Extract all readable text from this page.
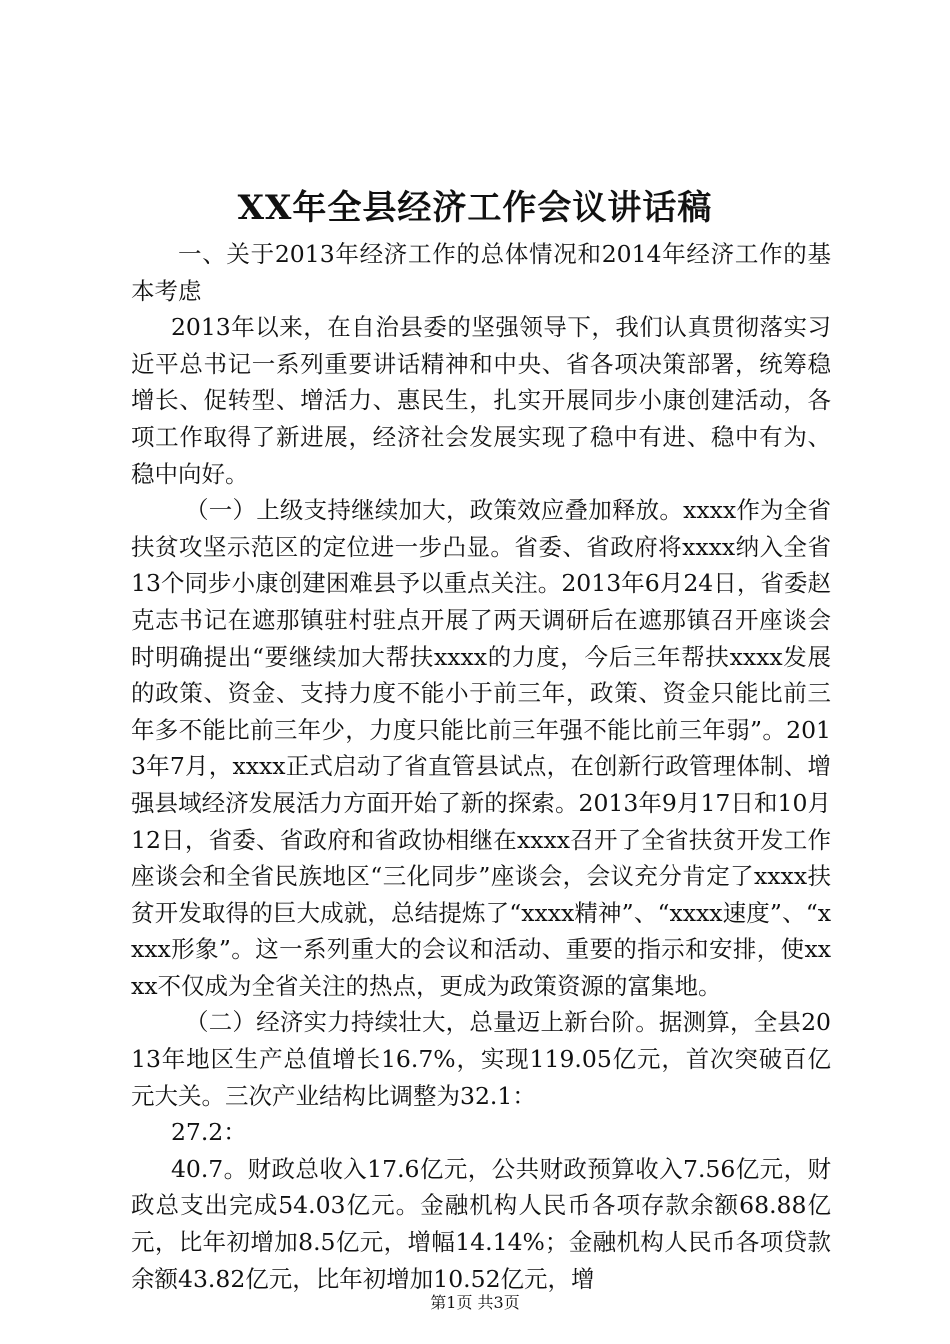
XX年全县经济工作会议讲话稿

一、关于2013年经济工作的总体情况和2014年经济工作的基本考虑

2013年以来，在自治县委的坚强领导下，我们认真贯彻落实习近平总书记一系列重要讲话精神和中央、省各项决策部署，统筹稳增长、促转型、增活力、惠民生，扎实开展同步小康创建活动，各项工作取得了新进展，经济社会发展实现了稳中有进、稳中有为、稳中向好。

（一）上级支持继续加大，政策效应叠加释放。xxxx作为全省扶贫攻坚示范区的定位进一步凸显。省委、省政府将xxxx纳入全省13个同步小康创建困难县予以重点关注。2013年6月24日，省委赵克志书记在遮那镇驻村驻点开展了两天调研后在遮那镇召开座谈会时明确提出“要继续加大帮扶xxxx的力度，今后三年帮扶xxxx发展的政策、资金、支持力度不能小于前三年，政策、资金只能比前三年多不能比前三年少，力度只能比前三年强不能比前三年弱”。2013年7月，xxxx正式启动了省直管县试点，在创新行政管理体制、增强县域经济发展活力方面开始了新的探索。2013年9月17日和10月12日，省委、省政府和省政协相继在xxxx召开了全省扶贫开发工作座谈会和全省民族地区“三化同步”座谈会，会议充分肯定了xxxx扶贫开发取得的巨大成就，总结提炼了“xxxx精神”、“xxxx速度”、“xxxx形象”。这一系列重大的会议和活动、重要的指示和安排，使xxxx不仅成为全省关注的热点，更成为政策资源的富集地。

（二）经济实力持续壮大，总量迈上新台阶。据测算，全县2013年地区生产总值增长16.7%，实现119.05亿元，首次突破百亿元大关。三次产业结构比调整为32.1：

27.2：

40.7。财政总收入17.6亿元，公共财政预算收入7.56亿元，财政总支出完成54.03亿元。金融机构人民币各项存款余额68.88亿元，比年初增加8.5亿元，增幅14.14%；金融机构人民币各项贷款余额43.82亿元，比年初增加10.52亿元，增

第1页 共3页
